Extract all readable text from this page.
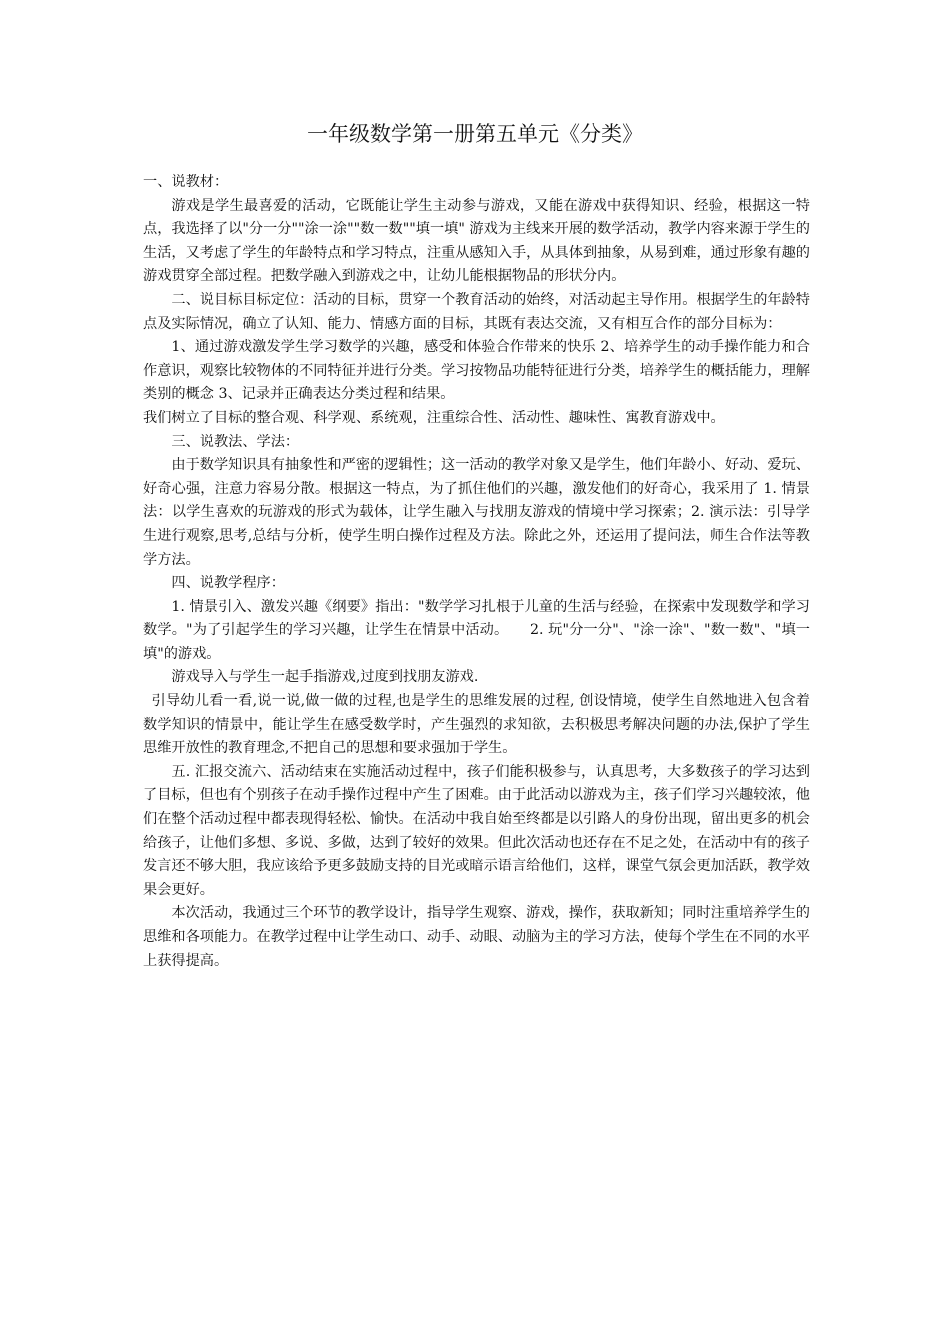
一年级数学第一册第五单元《分类》

一、说教材：

游戏是学生最喜爱的活动，它既能让学生主动参与游戏，又能在游戏中获得知识、经验，根据这一特点，我选择了以"分一分""涂一涂""数一数""填一填" 游戏为主线来开展的数学活动，教学内容来源于学生的生活，又考虑了学生的年龄特点和学习特点，注重从感知入手，从具体到抽象，从易到难，通过形象有趣的游戏贯穿全部过程。把数学融入到游戏之中，让幼儿能根据物品的形状分内。

二、说目标目标定位：活动的目标，贯穿一个教育活动的始终，对活动起主导作用。根据学生的年龄特点及实际情况，确立了认知、能力、情感方面的目标，其既有表达交流，又有相互合作的部分目标为：

1、通过游戏激发学生学习数学的兴趣，感受和体验合作带来的快乐 2、培养学生的动手操作能力和合作意识，观察比较物体的不同特征并进行分类。学习按物品功能特征进行分类，培养学生的概括能力，理解类别的概念 3、记录并正确表达分类过程和结果。

我们树立了目标的整合观、科学观、系统观，注重综合性、活动性、趣味性、寓教育游戏中。

三、说教法、学法：

由于数学知识具有抽象性和严密的逻辑性；这一活动的教学对象又是学生，他们年龄小、好动、爱玩、好奇心强，注意力容易分散。根据这一特点，为了抓住他们的兴趣，激发他们的好奇心，我采用了 1. 情景法：以学生喜欢的玩游戏的形式为载体，让学生融入与找朋友游戏的情境中学习探索；2. 演示法：引导学生进行观察,思考,总结与分析，使学生明白操作过程及方法。除此之外，还运用了提问法，师生合作法等教学方法。

四、说教学程序：

1. 情景引入、激发兴趣《纲要》指出："数学学习扎根于儿童的生活与经验，在探索中发现数学和学习数学。"为了引起学生的学习兴趣，让学生在情景中活动。　　2. 玩"分一分"、"涂一涂"、"数一数"、"填一填"的游戏。

游戏导入与学生一起手指游戏,过度到找朋友游戏.

引导幼儿看一看,说一说,做一做的过程,也是学生的思维发展的过程, 创设情境，使学生自然地进入包含着数学知识的情景中，能让学生在感受数学时，产生强烈的求知欲，去积极思考解决问题的办法,保护了学生思维开放性的教育理念,不把自己的思想和要求强加于学生。

五. 汇报交流六、活动结束在实施活动过程中，孩子们能积极参与，认真思考，大多数孩子的学习达到了目标，但也有个别孩子在动手操作过程中产生了困难。由于此活动以游戏为主，孩子们学习兴趣较浓，他们在整个活动过程中都表现得轻松、愉快。在活动中我自始至终都是以引路人的身份出现，留出更多的机会给孩子，让他们多想、多说、多做，达到了较好的效果。但此次活动也还存在不足之处，在活动中有的孩子发言还不够大胆，我应该给予更多鼓励支持的目光或暗示语言给他们，这样，课堂气氛会更加活跃，教学效果会更好。

本次活动，我通过三个环节的教学设计，指导学生观察、游戏，操作，获取新知；同时注重培养学生的思维和各项能力。在教学过程中让学生动口、动手、动眼、动脑为主的学习方法，使每个学生在不同的水平上获得提高。
